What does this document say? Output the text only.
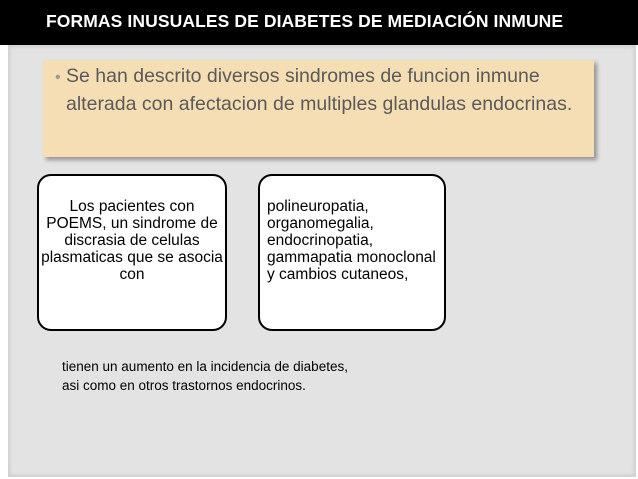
FORMAS INUSUALES DE DIABETES DE MEDIACIÓN INMUNE
• Se han descrito diversos sindromes de funcion inmune alterada con afectacion de multiples glandulas endocrinas.
Los pacientes con POEMS, un sindrome de discrasia de celulas plasmaticas que se asocia con
polineuropatia, organomegalia, endocrinopatia, gammapatia monoclonal y cambios cutaneos,
tienen un aumento en la incidencia de diabetes, asi como en otros trastornos endocrinos.
